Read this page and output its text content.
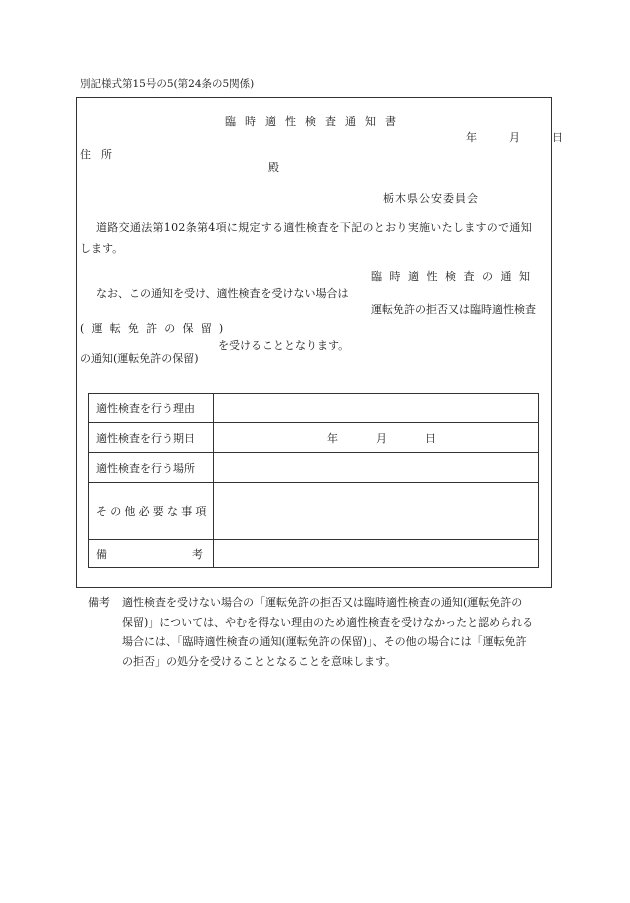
別記様式第15号の5(第24条の5関係)
臨時適性検査通知書
年	月	日
住所
殿
栃木県公安委員会
道路交通法第102条第4項に規定する適性検査を下記のとおり実施いたしますので通知
します。
臨時適性検査の通知
なお、この通知を受け、適性検査を受けない場合は
運転免許の拒否又は臨時適性検査
(運転免許の保留)
を受けることとなります。
の通知(運転免許の保留)
適性検査を行う理由	
適性検査を行う期日	年 月 日
適性検査を行う場所	
その他必要な事項	

備 考	

備考	適性検査を受けない場合の「運転免許の拒否又は臨時適性検査の通知(運転免許の
保留)」については、やむを得ない理由のため適性検査を受けなかったと認められる
場合には、「臨時適性検査の通知(運転免許の保留)」、その他の場合には「運転免許
の拒否」の処分を受けることとなることを意味します。
